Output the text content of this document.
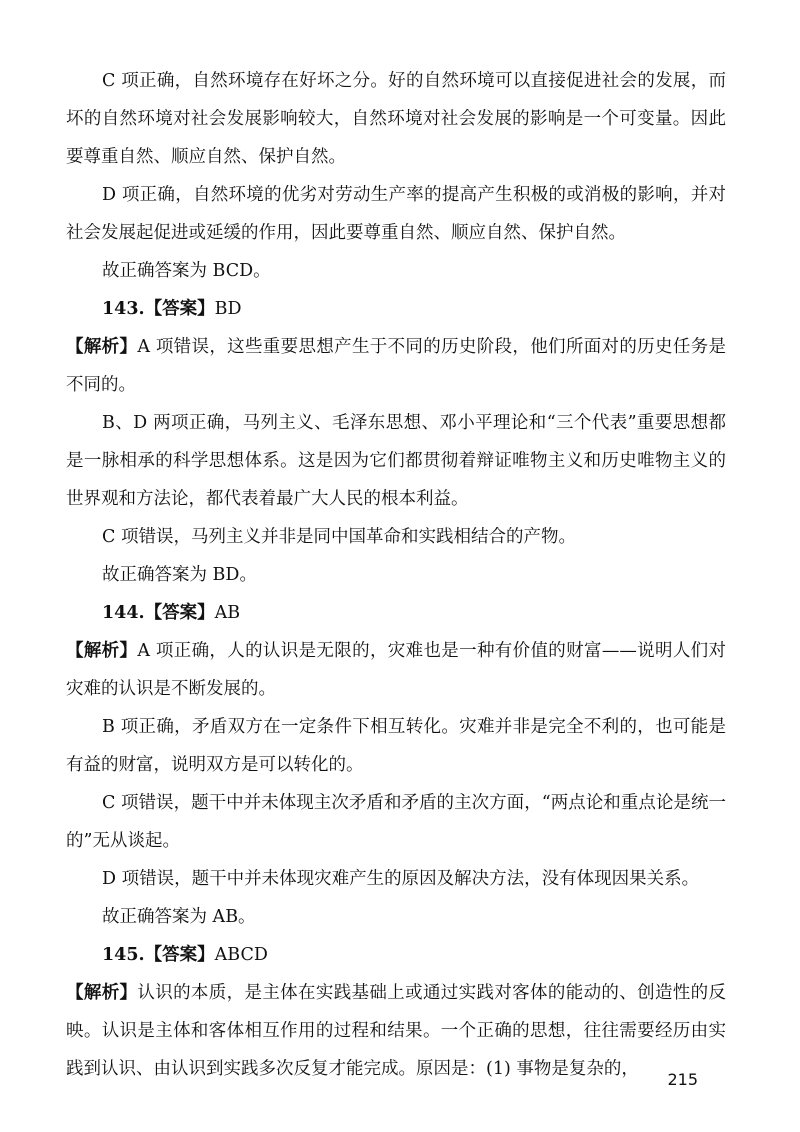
C 项正确，自然环境存在好坏之分。好的自然环境可以直接促进社会的发展，而坏的自然环境对社会发展影响较大，自然环境对社会发展的影响是一个可变量。因此要尊重自然、顺应自然、保护自然。

D 项正确，自然环境的优劣对劳动生产率的提高产生积极的或消极的影响，并对社会发展起促进或延缓的作用，因此要尊重自然、顺应自然、保护自然。

故正确答案为 BCD。

143.【答案】BD

【解析】A 项错误，这些重要思想产生于不同的历史阶段，他们所面对的历史任务是不同的。

B、D 两项正确，马列主义、毛泽东思想、邓小平理论和“三个代表”重要思想都是一脉相承的科学思想体系。这是因为它们都贯彻着辩证唯物主义和历史唯物主义的世界观和方法论，都代表着最广大人民的根本利益。

C 项错误，马列主义并非是同中国革命和实践相结合的产物。

故正确答案为 BD。

144.【答案】AB

【解析】A 项正确，人的认识是无限的，灾难也是一种有价值的财富——说明人们对灾难的认识是不断发展的。

B 项正确，矛盾双方在一定条件下相互转化。灾难并非是完全不利的，也可能是有益的财富，说明双方是可以转化的。

C 项错误，题干中并未体现主次矛盾和矛盾的主次方面，“两点论和重点论是统一的”无从谈起。

D 项错误，题干中并未体现灾难产生的原因及解决方法，没有体现因果关系。

故正确答案为 AB。

145.【答案】ABCD

【解析】认识的本质，是主体在实践基础上或通过实践对客体的能动的、创造性的反映。认识是主体和客体相互作用的过程和结果。一个正确的思想，往往需要经历由实践到认识、由认识到实践多次反复才能完成。原因是：(1) 事物是复杂的，

215
